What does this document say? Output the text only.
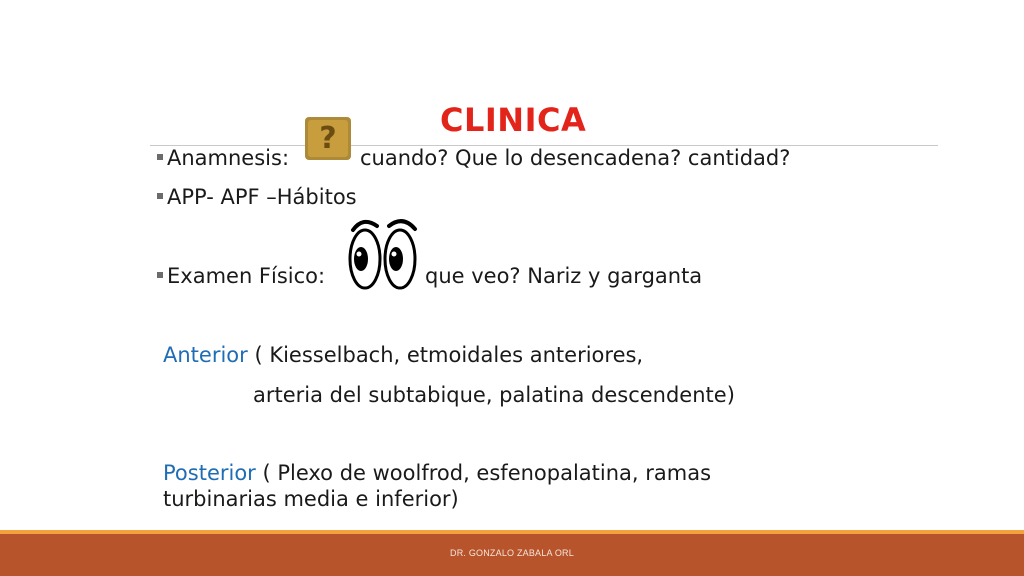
CLINICA
Anamnesis:
?
cuando? Que lo desencadena? cantidad?
APP- APF –Hábitos
Examen Físico:	que veo? Nariz y garganta
Anterior ( Kiesselbach, etmoidales anteriores,
arteria del subtabique, palatina descendente)
Posterior ( Plexo de woolfrod, esfenopalatina, ramas
turbinarias media e inferior)
DR. GONZALO ZABALA ORL
